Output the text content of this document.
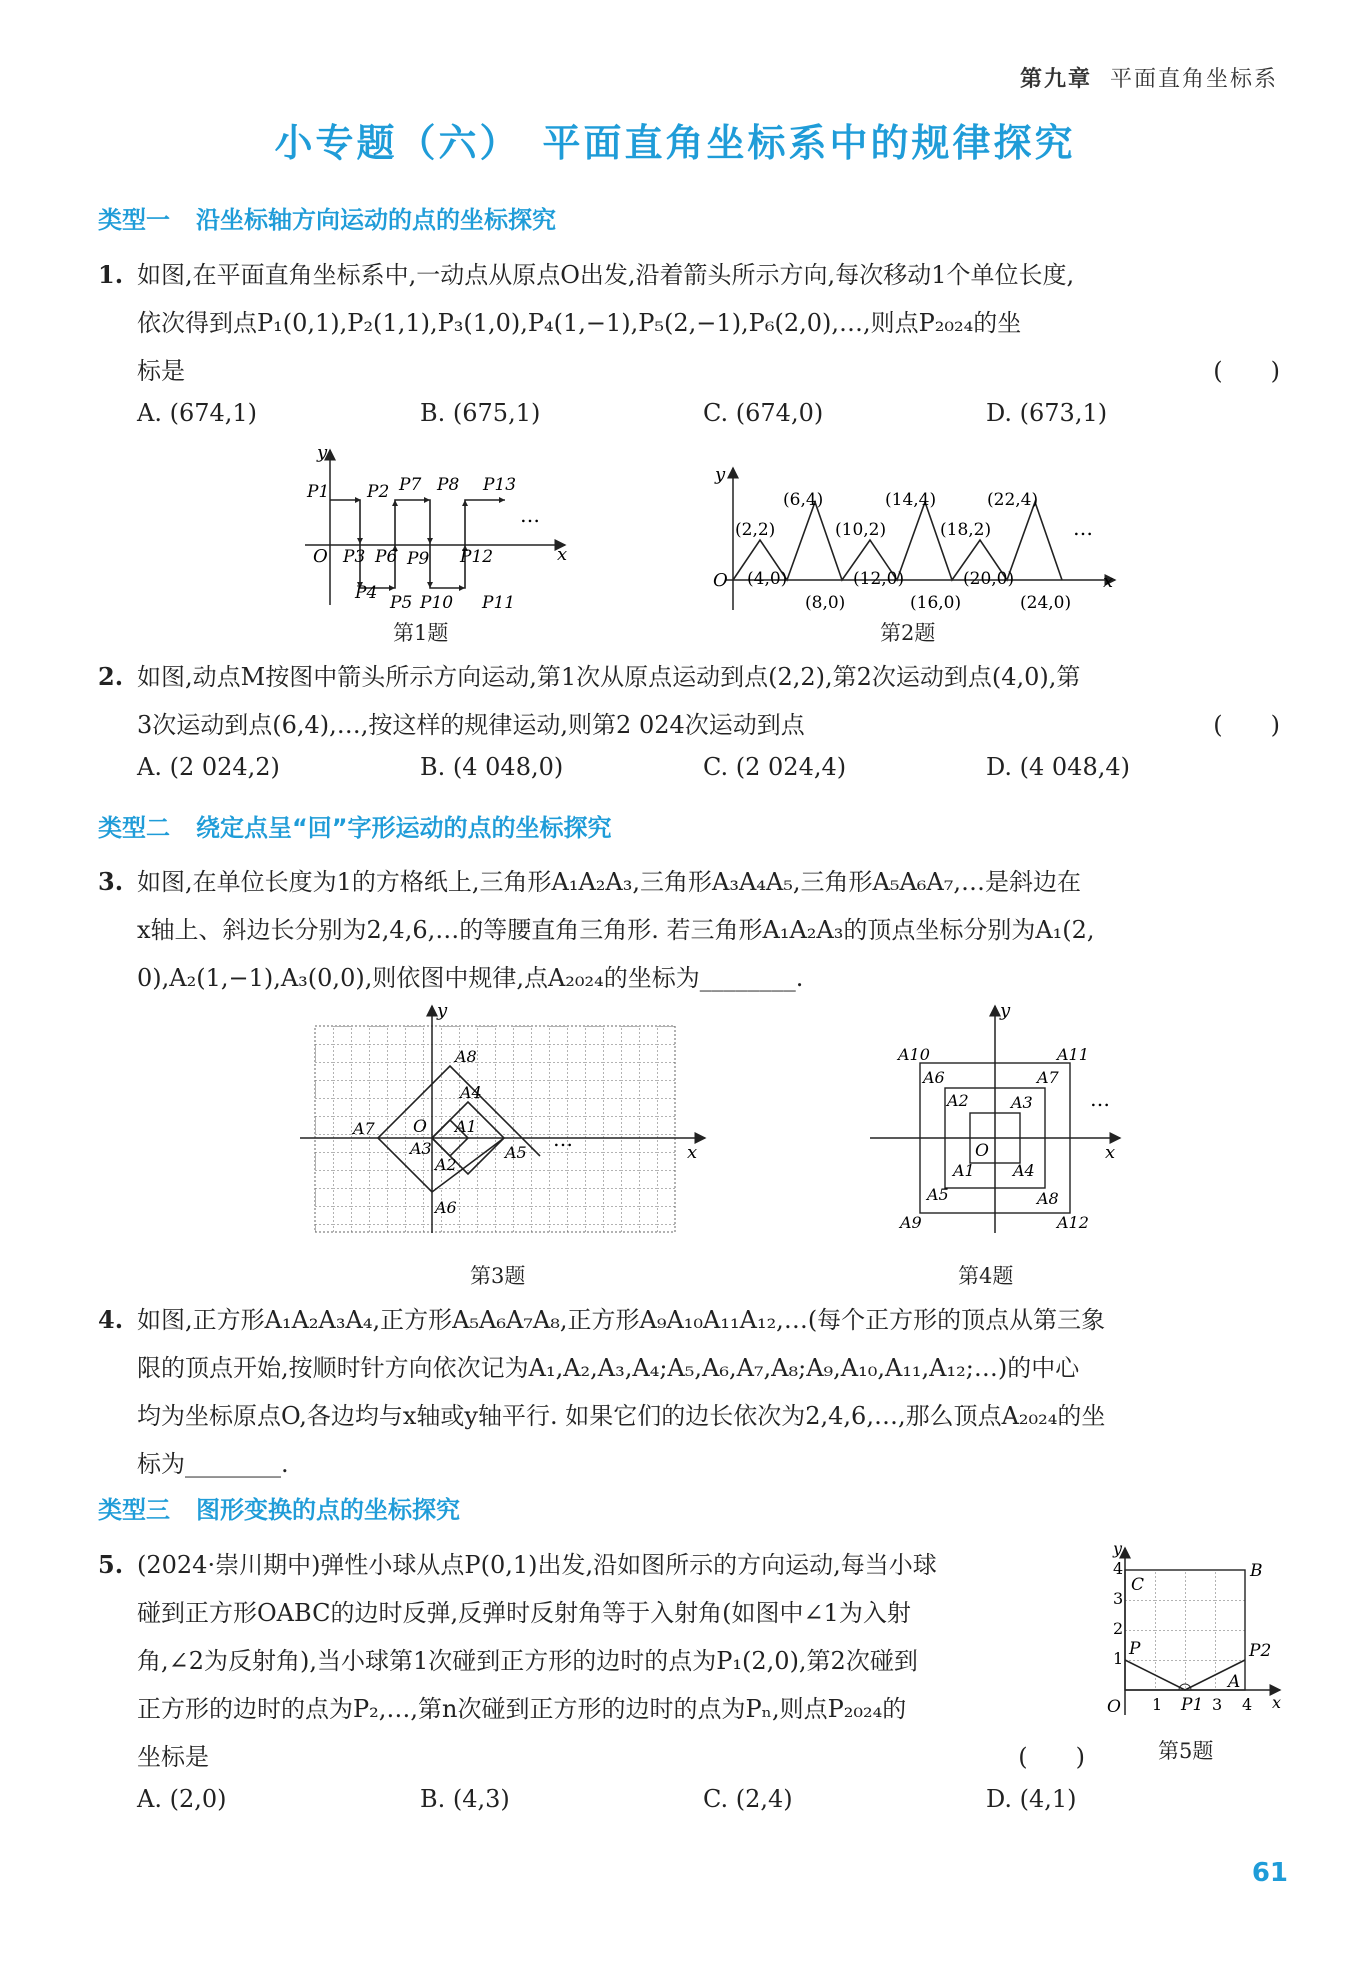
第九章 平面直角坐标系
小专题（六）　平面直角坐标系中的规律探究
类型一 沿坐标轴方向运动的点的坐标探究
1. 如图,在平面直角坐标系中,一动点从原点O出发,沿着箭头所示方向,每次移动1个单位长度,
依次得到点P₁(0,1),P₂(1,1),P₃(1,0),P₄(1,−1),P₅(2,−1),P₆(2,0),…,则点P₂₀₂₄的坐
标是	(　　)
A. (674,1)	B. (675,1)	C. (674,0)	D. (673,1)
y
x
O
P1 P2
P3
P4 P5
P6
P7 P8
P9
P10 P11
P12
P13
…
第1题
y
x
O
(2,2)
(6,4)
(10,2)
(14,4)
(18,2)
(22,4)
(4,0)
(8,0)
(12,0)
(16,0)
(20,0)
(24,0)
…
第2题
2. 如图,动点M按图中箭头所示方向运动,第1次从原点运动到点(2,2),第2次运动到点(4,0),第
3次运动到点(6,4),…,按这样的规律运动,则第2 024次运动到点	(　　)
A. (2 024,2)	B. (4 048,0)	C. (2 024,4)	D. (4 048,4)
类型二 绕定点呈“回”字形运动的点的坐标探究
3. 如图,在单位长度为1的方格纸上,三角形A₁A₂A₃,三角形A₃A₄A₅,三角形A₅A₆A₇,…是斜边在
x轴上、斜边长分别为2,4,6,…的等腰直角三角形. 若三角形A₁A₂A₃的顶点坐标分别为A₁(2,
0),A₂(1,−1),A₃(0,0),则依图中规律,点A₂₀₂₄的坐标为________.
y
x
O A1
A2
A3
A4
A5
A6
A7
A8
…
第3题
y
x
O
A1
A2	A3
A4
A5
A6	A7
A8
A9
A10	A11
A12
…
第4题
4. 如图,正方形A₁A₂A₃A₄,正方形A₅A₆A₇A₈,正方形A₉A₁₀A₁₁A₁₂,…(每个正方形的顶点从第三象
限的顶点开始,按顺时针方向依次记为A₁,A₂,A₃,A₄;A₅,A₆,A₇,A₈;A₉,A₁₀,A₁₁,A₁₂;…)的中心
均为坐标原点O,各边均与x轴或y轴平行. 如果它们的边长依次为2,4,6,…,那么顶点A₂₀₂₄的坐
标为________.
类型三 图形变换的点的坐标探究
5. (2024·崇川期中)弹性小球从点P(0,1)出发,沿如图所示的方向运动,每当小球
碰到正方形OABC的边时反弹,反弹时反射角等于入射角(如图中∠1为入射
角,∠2为反射角),当小球第1次碰到正方形的边时的点为P₁(2,0),第2次碰到
正方形的边时的点为P₂,…,第n次碰到正方形的边时的点为Pₙ,则点P₂₀₂₄的
坐标是	(　　)
A. (2,0)	B. (4,3)	C. (2,4)	D. (4,1)
y
x
O
A
B
C
P
P1
P2
1
2
3
4
1	3 4
第5题
61
